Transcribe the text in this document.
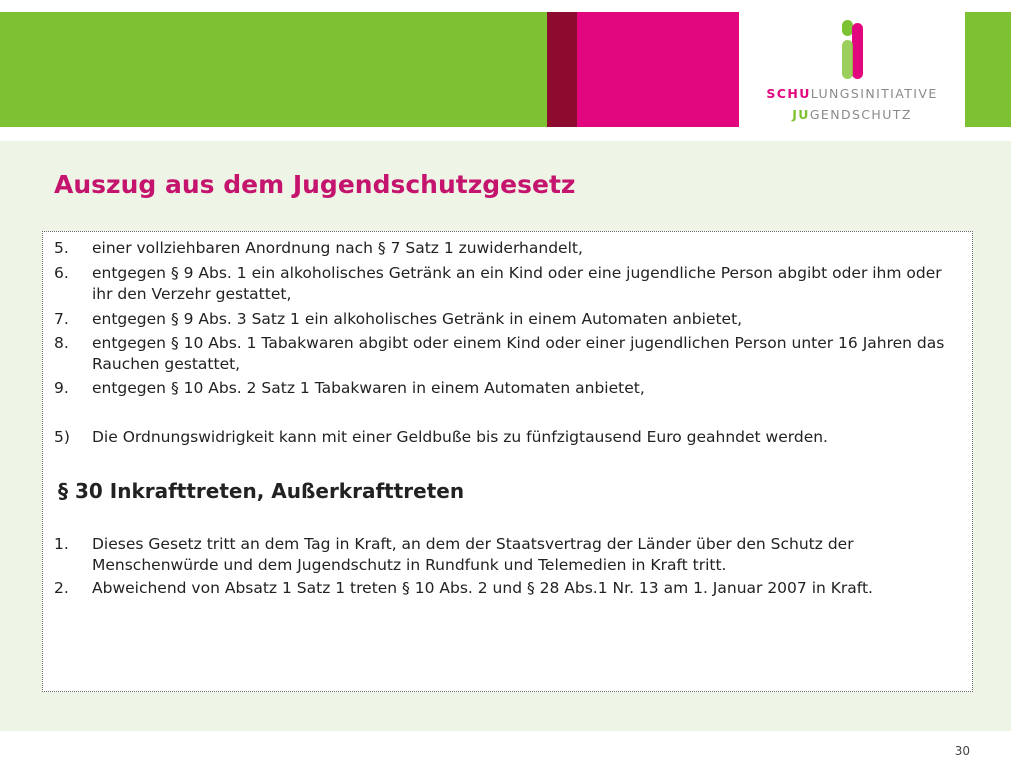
SCHULUNGSINITIATIVE
JUGENDSCHUTZ
Auszug aus dem Jugendschutzgesetz
5. einer vollziehbaren Anordnung nach § 7 Satz 1 zuwiderhandelt,
6. entgegen § 9 Abs. 1 ein alkoholisches Getränk an ein Kind oder eine jugendliche Person abgibt oder ihm oder ihr den Verzehr gestattet,
7. entgegen § 9 Abs. 3 Satz 1 ein alkoholisches Getränk in einem Automaten anbietet,
8. entgegen § 10 Abs. 1 Tabakwaren abgibt oder einem Kind oder einer jugendlichen Person unter 16 Jahren das Rauchen gestattet,
9. entgegen § 10 Abs. 2 Satz 1 Tabakwaren in einem Automaten anbietet,
5) Die Ordnungswidrigkeit kann mit einer Geldbuße bis zu fünfzigtausend Euro geahndet werden.
§ 30 Inkrafttreten, Außerkrafttreten
1. Dieses Gesetz tritt an dem Tag in Kraft, an dem der Staatsvertrag der Länder über den Schutz der Menschenwürde und dem Jugendschutz in Rundfunk und Telemedien in Kraft tritt.
2. Abweichend von Absatz 1 Satz 1 treten § 10 Abs. 2 und § 28 Abs.1 Nr. 13 am 1. Januar 2007 in Kraft.
30
